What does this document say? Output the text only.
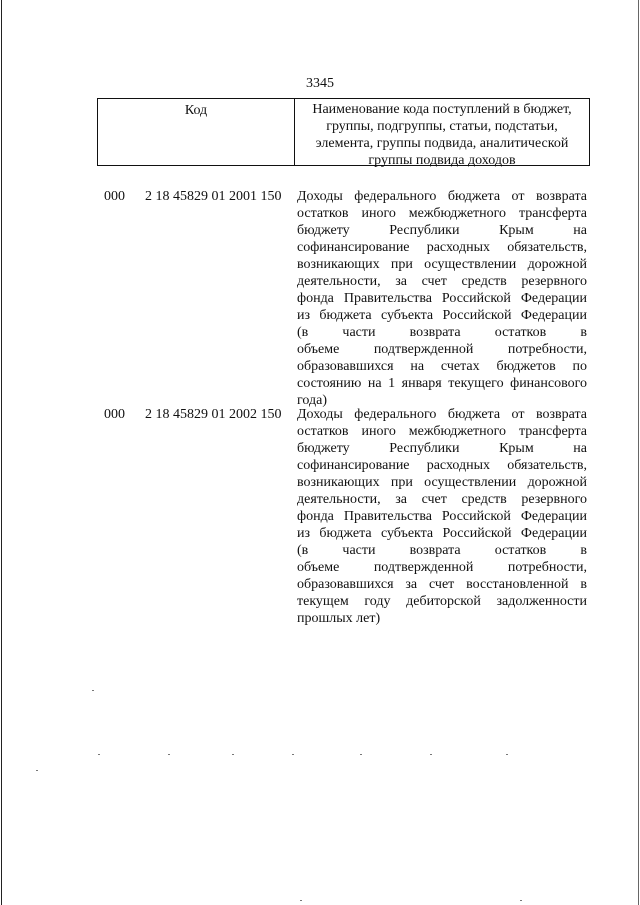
3345
Код	Наименование кода поступлений в бюджет, группы, подгруппы, статьи, подстатьи, элемента, группы подвида, аналитической группы подвида доходов
000 2 18 45829 01 2001 150 Доходы федерального бюджета от возврата
остатков иного межбюджетного трансферта
бюджету Республики Крым на
софинансирование расходных обязательств,
возникающих при осуществлении дорожной
деятельности, за счет средств резервного
фонда Правительства Российской Федерации
из бюджета субъекта Российской Федерации
(в части возврата остатков в
объеме подтвержденной потребности,
образовавшихся на счетах бюджетов по
состоянию на 1 января текущего финансового
года)
000 2 18 45829 01 2002 150 Доходы федерального бюджета от возврата
остатков иного межбюджетного трансферта
бюджету Республики Крым на
софинансирование расходных обязательств,
возникающих при осуществлении дорожной
деятельности, за счет средств резервного
фонда Правительства Российской Федерации
из бюджета субъекта Российской Федерации
(в части возврата остатков в
объеме подтвержденной потребности,
образовавшихся за счет восстановленной в
текущем году дебиторской задолженности
прошлых лет)
